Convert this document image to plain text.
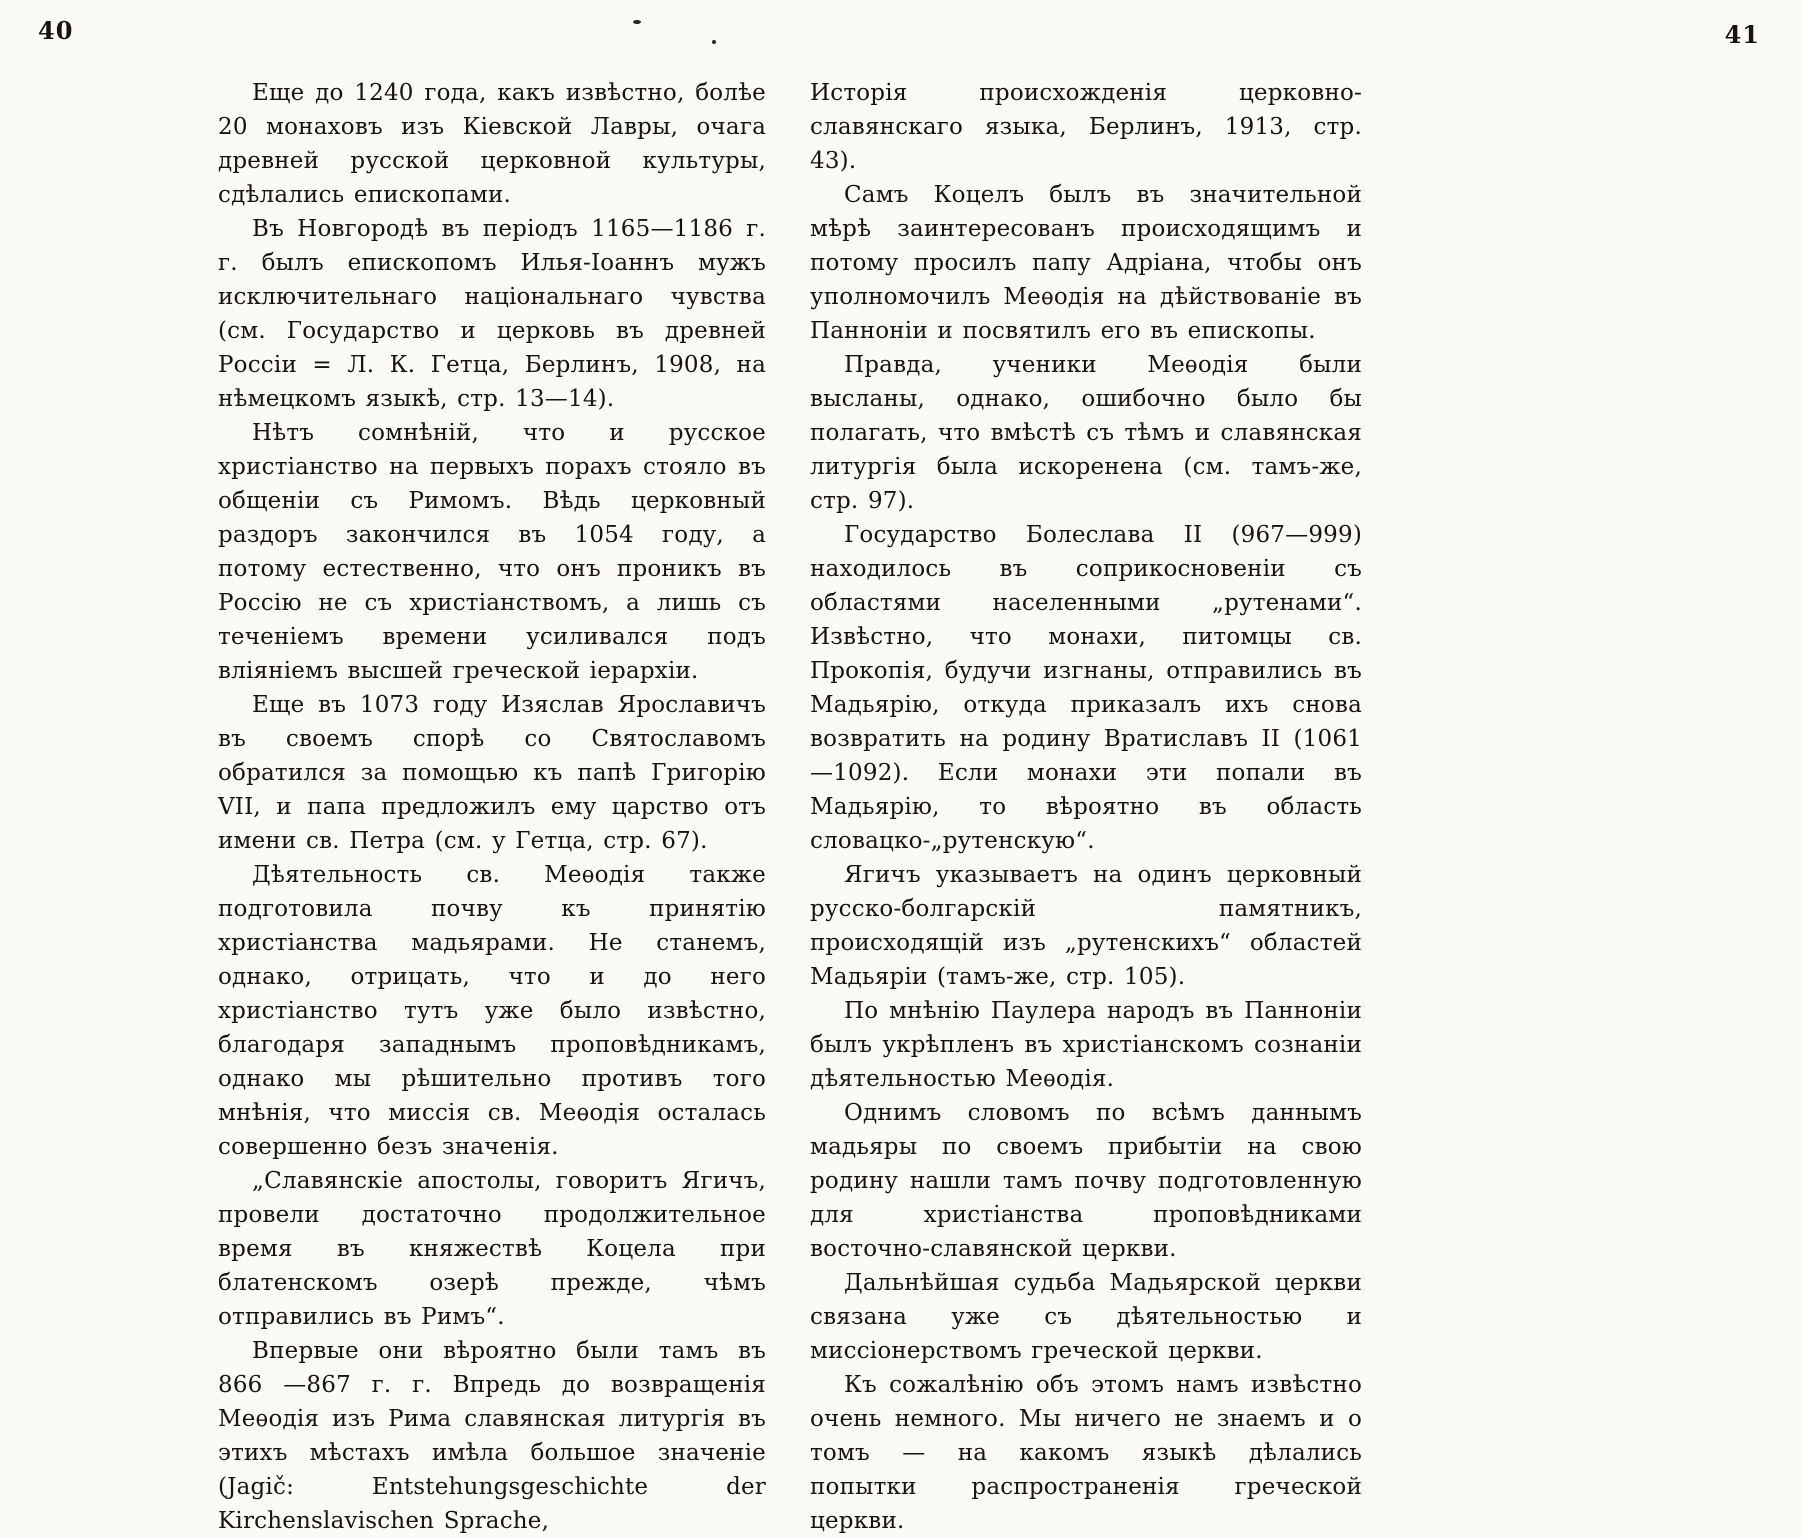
40	41

Еще до 1240 года, какъ извѣстно, болѣе 20 монаховъ изъ Кіевской Лавры, очага древней русской церковной культуры, сдѣлались епископами.

Въ Новгородѣ въ періодъ 1165—1186 г. г. былъ епископомъ Илья-Іоаннъ мужъ исключительнаго національнаго чувства (см. Государство и церковь въ древней Россіи = Л. К. Гетца, Берлинъ, 1908, на нѣмецкомъ языкѣ, стр. 13—14).

Нѣтъ сомнѣній, что и русское христіанство на первыхъ порахъ стояло въ общеніи съ Римомъ. Вѣдь церковный раздоръ закончился въ 1054 году, а потому естественно, что онъ проникъ въ Россію не съ христіанствомъ, а лишь съ теченіемъ времени усиливался подъ вліяніемъ высшей греческой іерархіи.

Еще въ 1073 году Изяслав Ярославичъ въ своемъ спорѣ со Святославомъ обратился за помощью къ папѣ Григорію VII, и папа предложилъ ему царство отъ имени св. Петра (см. у Гетца, стр. 67).

Дѣятельность св. Меѳодія также подготовила почву къ принятію христіанства мадьярами. Не станемъ, однако, отрицать, что и до него христіанство тутъ уже было извѣстно, благодаря западнымъ проповѣдникамъ, однако мы рѣшительно противъ того мнѣнія, что миссія св. Меѳодія осталась совершенно безъ значенія.

„Славянскіе апостолы, говоритъ Ягичъ, провели достаточно продолжительное время въ княжествѣ Коцела при блатенскомъ озерѣ прежде, чѣмъ отправились въ Римъ“.

Впервые они вѣроятно были тамъ въ 866 —867 г. г. Впредь до возвращенія Меѳодія изъ Рима славянская литургія въ этихъ мѣстахъ имѣла большое значеніе (Jagič: Entstehungsgeschichte der Kirchenslavischen Sprache,

Исторія происхожденія церковно-славянскаго языка, Берлинъ, 1913, стр. 43).

Самъ Коцелъ былъ въ значительной мѣрѣ заинтересованъ происходящимъ и потому просилъ папу Адріана, чтобы онъ уполномочилъ Меѳодія на дѣйствованіе въ Панноніи и посвятилъ его въ епископы.

Правда, ученики Меѳодія были высланы, однако, ошибочно было бы полагать, что вмѣстѣ съ тѣмъ и славянская литургія была искоренена (см. тамъ-же, стр. 97).

Государство Болеслава II (967—999) находилось въ соприкосновеніи съ областями населенными „рутенами“. Извѣстно, что монахи, питомцы св. Прокопія, будучи изгнаны, отправились въ Мадьярію, откуда приказалъ ихъ снова возвратить на родину Вратиславъ II (1061—1092). Если монахи эти попали въ Мадьярію, то вѣроятно въ область словацко-„рутенскую“.

Ягичъ указываетъ на одинъ церковный русско-болгарскій памятникъ, происходящій изъ „рутенскихъ“ областей Мадьяріи (тамъ-же, стр. 105).

По мнѣнію Паулера народъ въ Панноніи былъ укрѣпленъ въ христіанскомъ сознаніи дѣятельностью Меѳодія.

Однимъ словомъ по всѣмъ даннымъ мадьяры по своемъ прибытіи на свою родину нашли тамъ почву подготовленную для христіанства проповѣдниками восточно-славянской церкви.

Дальнѣйшая судьба Мадьярской церкви связана уже съ дѣятельностью и миссіонерствомъ греческой церкви.

Къ сожалѣнію объ этомъ намъ извѣстно очень немного. Мы ничего не знаемъ и о томъ — на какомъ языкѣ дѣлались попытки распространенія греческой церкви.
